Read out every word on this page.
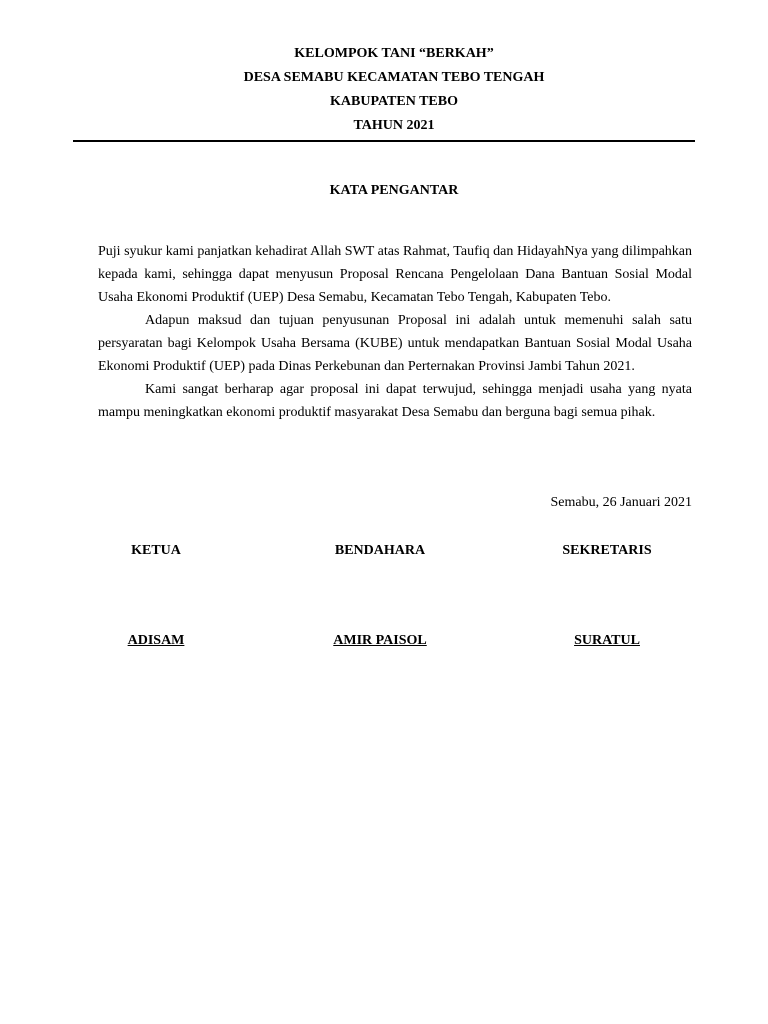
KELOMPOK TANI “BERKAH”
DESA SEMABU KECAMATAN TEBO TENGAH
KABUPATEN TEBO
TAHUN 2021
KATA PENGANTAR

Puji syukur kami panjatkan kehadirat Allah SWT atas Rahmat, Taufiq dan HidayahNya yang dilimpahkan kepada kami, sehingga dapat menyusun Proposal Rencana Pengelolaan Dana Bantuan Sosial Modal Usaha Ekonomi Produktif (UEP) Desa Semabu, Kecamatan Tebo Tengah, Kabupaten Tebo.

Adapun maksud dan tujuan penyusunan Proposal ini adalah untuk memenuhi salah satu persyaratan bagi Kelompok Usaha Bersama (KUBE) untuk mendapatkan Bantuan Sosial Modal Usaha Ekonomi Produktif (UEP) pada Dinas Perkebunan dan Perternakan Provinsi Jambi Tahun 2021.

Kami sangat berharap agar proposal ini dapat terwujud, sehingga menjadi usaha yang nyata mampu meningkatkan ekonomi produktif masyarakat Desa Semabu dan berguna bagi semua pihak.

Semabu, 26 Januari 2021
KETUA
ADISAM
BENDAHARA
AMIR PAISOL
SEKRETARIS
SURATUL
